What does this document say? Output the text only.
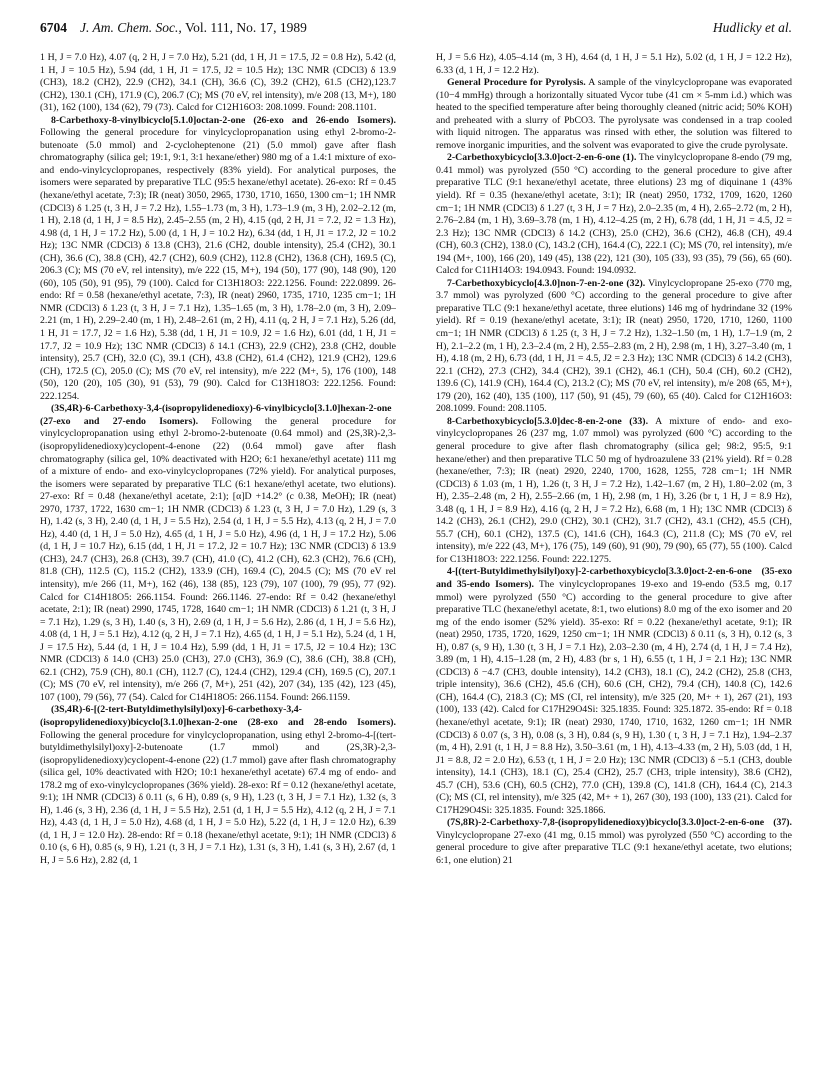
6704 J. Am. Chem. Soc., Vol. 111, No. 17, 1989	Hudlicky et al.

1 H, J = 7.0 Hz), 4.07 (q, 2 H, J = 7.0 Hz), 5.21 (dd, 1 H, J1 = 17.5, J2 = 0.8 Hz), 5.42 (d, 1 H, J = 10.5 Hz), 5.94 (dd, 1 H, J1 = 17.5, J2 = 10.5 Hz); 13C NMR (CDCl3) δ 13.9 (CH3), 18.2 (CH2), 22.9 (CH2), 34.1 (CH), 36.6 (C), 39.2 (CH2), 61.5 (CH2),123.7 (CH2), 130.1 (CH), 171.9 (C), 206.7 (C); MS (70 eV, rel intensity), m/e 208 (13, M+), 180 (31), 162 (100), 134 (62), 79 (73). Calcd for C12H16O3: 208.1099. Found: 208.1101.

8-Carbethoxy-8-vinylbicyclo[5.1.0]octan-2-one (26-exo and 26-endo Isomers). Following the general procedure for vinylcyclopropanation using ethyl 2-bromo-2-butenoate (5.0 mmol) and 2-cycloheptenone (21) (5.0 mmol) gave after flash chromatography (silica gel; 19:1, 9:1, 3:1 hexane/ether) 980 mg of a 1.4:1 mixture of exo- and endo-vinylcyclopropanes, respectively (83% yield). For analytical purposes, the isomers were separated by preparative TLC (95:5 hexane/ethyl acetate). 26-exo: Rf = 0.45 (hexane/ethyl acetate, 7:3); IR (neat) 3050, 2965, 1730, 1710, 1650, 1300 cm−1; 1H NMR (CDCl3) δ 1.25 (t, 3 H, J = 7.2 Hz), 1.55–1.73 (m, 3 H), 1.73–1.9 (m, 3 H), 2.02–2.12 (m, 1 H), 2.18 (d, 1 H, J = 8.5 Hz), 2.45–2.55 (m, 2 H), 4.15 (qd, 2 H, J1 = 7.2, J2 = 1.3 Hz), 4.98 (d, 1 H, J = 17.2 Hz), 5.00 (d, 1 H, J = 10.2 Hz), 6.34 (dd, 1 H, J1 = 17.2, J2 = 10.2 Hz); 13C NMR (CDCl3) δ 13.8 (CH3), 21.6 (CH2, double intensity), 25.4 (CH2), 30.1 (CH), 36.6 (C), 38.8 (CH), 42.7 (CH2), 60.9 (CH2), 112.8 (CH2), 136.8 (CH), 169.5 (C), 206.3 (C); MS (70 eV, rel intensity), m/e 222 (15, M+), 194 (50), 177 (90), 148 (90), 120 (60), 105 (50), 91 (95), 79 (100). Calcd for C13H18O3: 222.1256. Found: 222.0899. 26-endo: Rf = 0.58 (hexane/ethyl acetate, 7:3), IR (neat) 2960, 1735, 1710, 1235 cm−1; 1H NMR (CDCl3) δ 1.23 (t, 3 H, J = 7.1 Hz), 1.35–1.65 (m, 3 H), 1.78–2.0 (m, 3 H), 2.09–2.21 (m, 1 H), 2.29–2.40 (m, 1 H), 2.48–2.61 (m, 2 H), 4.11 (q, 2 H, J = 7.1 Hz), 5.26 (dd, 1 H, J1 = 17.7, J2 = 1.6 Hz), 5.38 (dd, 1 H, J1 = 10.9, J2 = 1.6 Hz), 6.01 (dd, 1 H, J1 = 17.7, J2 = 10.9 Hz); 13C NMR (CDCl3) δ 14.1 (CH3), 22.9 (CH2), 23.8 (CH2, double intensity), 25.7 (CH), 32.0 (C), 39.1 (CH), 43.8 (CH2), 61.4 (CH2), 121.9 (CH2), 129.6 (CH), 172.5 (C), 205.0 (C); MS (70 eV, rel intensity), m/e 222 (M+, 5), 176 (100), 148 (50), 120 (20), 105 (30), 91 (53), 79 (90). Calcd for C13H18O3: 222.1256. Found: 222.1254.

(3S,4R)-6-Carbethoxy-3,4-(isopropylidenedioxy)-6-vinylbicyclo[3.1.0]hexan-2-one (27-exo and 27-endo Isomers). Following the general procedure for vinylcyclopropanation using ethyl 2-bromo-2-butenoate (0.64 mmol) and (2S,3R)-2,3-(isopropylidenedioxy)cyclopent-4-enone (22) (0.64 mmol) gave after flash chromatography (silica gel, 10% deactivated with H2O; 6:1 hexane/ethyl acetate) 111 mg of a mixture of endo- and exo-vinylcyclopropanes (72% yield). For analytical purposes, the isomers were separated by preparative TLC (6:1 hexane/ethyl acetate, two elutions). 27-exo: Rf = 0.48 (hexane/ethyl acetate, 2:1); [α]D +14.2° (c 0.38, MeOH); IR (neat) 2970, 1737, 1722, 1630 cm−1; 1H NMR (CDCl3) δ 1.23 (t, 3 H, J = 7.0 Hz), 1.29 (s, 3 H), 1.42 (s, 3 H), 2.40 (d, 1 H, J = 5.5 Hz), 2.54 (d, 1 H, J = 5.5 Hz), 4.13 (q, 2 H, J = 7.0 Hz), 4.40 (d, 1 H, J = 5.0 Hz), 4.65 (d, 1 H, J = 5.0 Hz), 4.96 (d, 1 H, J = 17.2 Hz), 5.06 (d, 1 H, J = 10.7 Hz), 6.15 (dd, 1 H, J1 = 17.2, J2 = 10.7 Hz); 13C NMR (CDCl3) δ 13.9 (CH3), 24.7 (CH3), 26.8 (CH3), 39.7 (CH), 41.0 (C), 41.2 (CH), 62.3 (CH2), 76.6 (CH), 81.8 (CH), 112.5 (C), 115.2 (CH2), 133.9 (CH), 169.4 (C), 204.5 (C); MS (70 eV rel intensity), m/e 266 (11, M+), 162 (46), 138 (85), 123 (79), 107 (100), 79 (95), 77 (92). Calcd for C14H18O5: 266.1154. Found: 266.1146. 27-endo: Rf = 0.42 (hexane/ethyl acetate, 2:1); IR (neat) 2990, 1745, 1728, 1640 cm−1; 1H NMR (CDCl3) δ 1.21 (t, 3 H, J = 7.1 Hz), 1.29 (s, 3 H), 1.40 (s, 3 H), 2.69 (d, 1 H, J = 5.6 Hz), 2.86 (d, 1 H, J = 5.6 Hz), 4.08 (d, 1 H, J = 5.1 Hz), 4.12 (q, 2 H, J = 7.1 Hz), 4.65 (d, 1 H, J = 5.1 Hz), 5.24 (d, 1 H, J = 17.5 Hz), 5.44 (d, 1 H, J = 10.4 Hz), 5.99 (dd, 1 H, J1 = 17.5, J2 = 10.4 Hz); 13C NMR (CDCl3) δ 14.0 (CH3) 25.0 (CH3), 27.0 (CH3), 36.9 (C), 38.6 (CH), 38.8 (CH), 62.1 (CH2), 75.9 (CH), 80.1 (CH), 112.7 (C), 124.4 (CH2), 129.4 (CH), 169.5 (C), 207.1 (C); MS (70 eV, rel intensity), m/e 266 (7, M+), 251 (42), 207 (34), 135 (42), 123 (45), 107 (100), 79 (56), 77 (54). Calcd for C14H18O5: 266.1154. Found: 266.1159.

(3S,4R)-6-[(2-tert-Butyldimethylsilyl)oxy]-6-carbethoxy-3,4-(isopropylidenedioxy)bicyclo[3.1.0]hexan-2-one (28-exo and 28-endo Isomers). Following the general procedure for vinylcyclopropanation, using ethyl 2-bromo-4-[(tert-butyldimethylsilyl)oxy]-2-butenoate (1.7 mmol) and (2S,3R)-2,3-(isopropylidenedioxy)cyclopent-4-enone (22) (1.7 mmol) gave after flash chromatography (silica gel, 10% deactivated with H2O; 10:1 hexane/ethyl acetate) 67.4 mg of endo- and 178.2 mg of exo-vinylcyclopropanes (36% yield). 28-exo: Rf = 0.12 (hexane/ethyl acetate, 9:1); 1H NMR (CDCl3) δ 0.11 (s, 6 H), 0.89 (s, 9 H), 1.23 (t, 3 H, J = 7.1 Hz), 1.32 (s, 3 H), 1.46 (s, 3 H), 2.36 (d, 1 H, J = 5.5 Hz), 2.51 (d, 1 H, J = 5.5 Hz), 4.12 (q, 2 H, J = 7.1 Hz), 4.43 (d, 1 H, J = 5.0 Hz), 4.68 (d, 1 H, J = 5.0 Hz), 5.22 (d, 1 H, J = 12.0 Hz), 6.39 (d, 1 H, J = 12.0 Hz). 28-endo: Rf = 0.18 (hexane/ethyl acetate, 9:1); 1H NMR (CDCl3) δ 0.10 (s, 6 H), 0.85 (s, 9 H), 1.21 (t, 3 H, J = 7.1 Hz), 1.31 (s, 3 H), 1.41 (s, 3 H), 2.67 (d, 1 H, J = 5.6 Hz), 2.82 (d, 1

H, J = 5.6 Hz), 4.05–4.14 (m, 3 H), 4.64 (d, 1 H, J = 5.1 Hz), 5.02 (d, 1 H, J = 12.2 Hz), 6.33 (d, 1 H, J = 12.2 Hz).

General Procedure for Pyrolysis. A sample of the vinylcyclopropane was evaporated (10−4 mmHg) through a horizontally situated Vycor tube (41 cm × 5-mm i.d.) which was heated to the specified temperature after being thoroughly cleaned (nitric acid; 50% KOH) and preheated with a slurry of PbCO3. The pyrolysate was condensed in a trap cooled with liquid nitrogen. The apparatus was rinsed with ether, the solution was filtered to remove inorganic impurities, and the solvent was evaporated to give the crude pyrolysate.

2-Carbethoxybicyclo[3.3.0]oct-2-en-6-one (1). The vinylcyclopropane 8-endo (79 mg, 0.41 mmol) was pyrolyzed (550 °C) according to the general procedure to give after preparative TLC (9:1 hexane/ethyl acetate, three elutions) 23 mg of diquinane 1 (43% yield). Rf = 0.35 (hexane/ethyl acetate, 3:1); IR (neat) 2950, 1732, 1709, 1620, 1260 cm−1; 1H NMR (CDCl3) δ 1.27 (t, 3 H, J = 7 Hz), 2.0–2.35 (m, 4 H), 2.65–2.72 (m, 2 H), 2.76–2.84 (m, 1 H), 3.69–3.78 (m, 1 H), 4.12–4.25 (m, 2 H), 6.78 (dd, 1 H, J1 = 4.5, J2 = 2.3 Hz); 13C NMR (CDCl3) δ 14.2 (CH3), 25.0 (CH2), 36.6 (CH2), 46.8 (CH), 49.4 (CH), 60.3 (CH2), 138.0 (C), 143.2 (CH), 164.4 (C), 222.1 (C); MS (70, rel intensity), m/e 194 (M+, 100), 166 (20), 149 (45), 138 (22), 121 (30), 105 (33), 93 (35), 79 (56), 65 (60). Calcd for C11H14O3: 194.0943. Found: 194.0932.

7-Carbethoxybicyclo[4.3.0]non-7-en-2-one (32). Vinylcyclopropane 25-exo (770 mg, 3.7 mmol) was pyrolyzed (600 °C) according to the general procedure to give after preparative TLC (9:1 hexane/ethyl acetate, three elutions) 146 mg of hydrindane 32 (19% yield). Rf = 0.19 (hexane/ethyl acetate, 3:1); IR (neat) 2950, 1720, 1710, 1260, 1100 cm−1; 1H NMR (CDCl3) δ 1.25 (t, 3 H, J = 7.2 Hz), 1.32–1.50 (m, 1 H), 1.7–1.9 (m, 2 H), 2.1–2.2 (m, 1 H), 2.3–2.4 (m, 2 H), 2.55–2.83 (m, 2 H), 2.98 (m, 1 H), 3.27–3.40 (m, 1 H), 4.18 (m, 2 H), 6.73 (dd, 1 H, J1 = 4.5, J2 = 2.3 Hz); 13C NMR (CDCl3) δ 14.2 (CH3), 22.1 (CH2), 27.3 (CH2), 34.4 (CH2), 39.1 (CH2), 46.1 (CH), 50.4 (CH), 60.2 (CH2), 139.6 (C), 141.9 (CH), 164.4 (C), 213.2 (C); MS (70 eV, rel intensity), m/e 208 (65, M+), 179 (20), 162 (40), 135 (100), 117 (50), 91 (45), 79 (60), 65 (40). Calcd for C12H16O3: 208.1099. Found: 208.1105.

8-Carbethoxybicyclo[5.3.0]dec-8-en-2-one (33). A mixture of endo- and exo-vinylcyclopropanes 26 (237 mg, 1.07 mmol) was pyrolyzed (600 °C) according to the general procedure to give after flash chromatography (silica gel; 98:2, 95:5, 9:1 hexane/ether) and then preparative TLC 50 mg of hydroazulene 33 (21% yield). Rf = 0.28 (hexane/ether, 7:3); IR (neat) 2920, 2240, 1700, 1628, 1255, 728 cm−1; 1H NMR (CDCl3) δ 1.03 (m, 1 H), 1.26 (t, 3 H, J = 7.2 Hz), 1.42–1.67 (m, 2 H), 1.80–2.02 (m, 3 H), 2.35–2.48 (m, 2 H), 2.55–2.66 (m, 1 H), 2.98 (m, 1 H), 3.26 (br t, 1 H, J = 8.9 Hz), 3.48 (q, 1 H, J = 8.9 Hz), 4.16 (q, 2 H, J = 7.2 Hz), 6.68 (m, 1 H); 13C NMR (CDCl3) δ 14.2 (CH3), 26.1 (CH2), 29.0 (CH2), 30.1 (CH2), 31.7 (CH2), 43.1 (CH2), 45.5 (CH), 55.7 (CH), 60.1 (CH2), 137.5 (C), 141.6 (CH), 164.3 (C), 211.8 (C); MS (70 eV, rel intensity), m/e 222 (43, M+), 176 (75), 149 (60), 91 (90), 79 (90), 65 (77), 55 (100). Calcd for C13H18O3: 222.1256. Found: 222.1275.

4-[(tert-Butyldimethylsilyl)oxy]-2-carbethoxybicyclo[3.3.0]oct-2-en-6-one (35-exo and 35-endo Isomers). The vinylcyclopropanes 19-exo and 19-endo (53.5 mg, 0.17 mmol) were pyrolyzed (550 °C) according to the general procedure to give after preparative TLC (hexane/ethyl acetate, 8:1, two elutions) 8.0 mg of the exo isomer and 20 mg of the endo isomer (52% yield). 35-exo: Rf = 0.22 (hexane/ethyl acetate, 9:1); IR (neat) 2950, 1735, 1720, 1629, 1250 cm−1; 1H NMR (CDCl3) δ 0.11 (s, 3 H), 0.12 (s, 3 H), 0.87 (s, 9 H), 1.30 (t, 3 H, J = 7.1 Hz), 2.03–2.30 (m, 4 H), 2.74 (d, 1 H, J = 7.4 Hz), 3.89 (m, 1 H), 4.15–1.28 (m, 2 H), 4.83 (br s, 1 H), 6.55 (t, 1 H, J = 2.1 Hz); 13C NMR (CDCl3) δ −4.7 (CH3, double intensity), 14.2 (CH3), 18.1 (C), 24.2 (CH2), 25.8 (CH3, triple intensity), 36.6 (CH2), 45.6 (CH), 60.6 (CH, CH2), 79.4 (CH), 140.8 (C), 142.6 (CH), 164.4 (C), 218.3 (C); MS (CI, rel intensity), m/e 325 (20, M+ + 1), 267 (21), 193 (100), 133 (42). Calcd for C17H29O4Si: 325.1835. Found: 325.1872. 35-endo: Rf = 0.18 (hexane/ethyl acetate, 9:1); IR (neat) 2930, 1740, 1710, 1632, 1260 cm−1; 1H NMR (CDCl3) δ 0.07 (s, 3 H), 0.08 (s, 3 H), 0.84 (s, 9 H), 1.30 ( t, 3 H, J = 7.1 Hz), 1.94–2.37 (m, 4 H), 2.91 (t, 1 H, J = 8.8 Hz), 3.50–3.61 (m, 1 H), 4.13–4.33 (m, 2 H), 5.03 (dd, 1 H, J1 = 8.8, J2 = 2.0 Hz), 6.53 (t, 1 H, J = 2.0 Hz); 13C NMR (CDCl3) δ −5.1 (CH3, double intensity), 14.1 (CH3), 18.1 (C), 25.4 (CH2), 25.7 (CH3, triple intensity), 38.6 (CH2), 45.7 (CH), 53.6 (CH), 60.5 (CH2), 77.0 (CH), 139.8 (C), 141.8 (CH), 164.4 (C), 214.3 (C); MS (CI, rel intensity), m/e 325 (42, M+ + 1), 267 (30), 193 (100), 133 (21). Calcd for C17H29O4Si: 325.1835. Found: 325.1866.

(7S,8R)-2-Carbethoxy-7,8-(isopropylidenedioxy)bicyclo[3.3.0]oct-2-en-6-one (37). Vinylcyclopropane 27-exo (41 mg, 0.15 mmol) was pyrolyzed (550 °C) according to the general procedure to give after preparative TLC (9:1 hexane/ethyl acetate, two elutions; 6:1, one elution) 21
